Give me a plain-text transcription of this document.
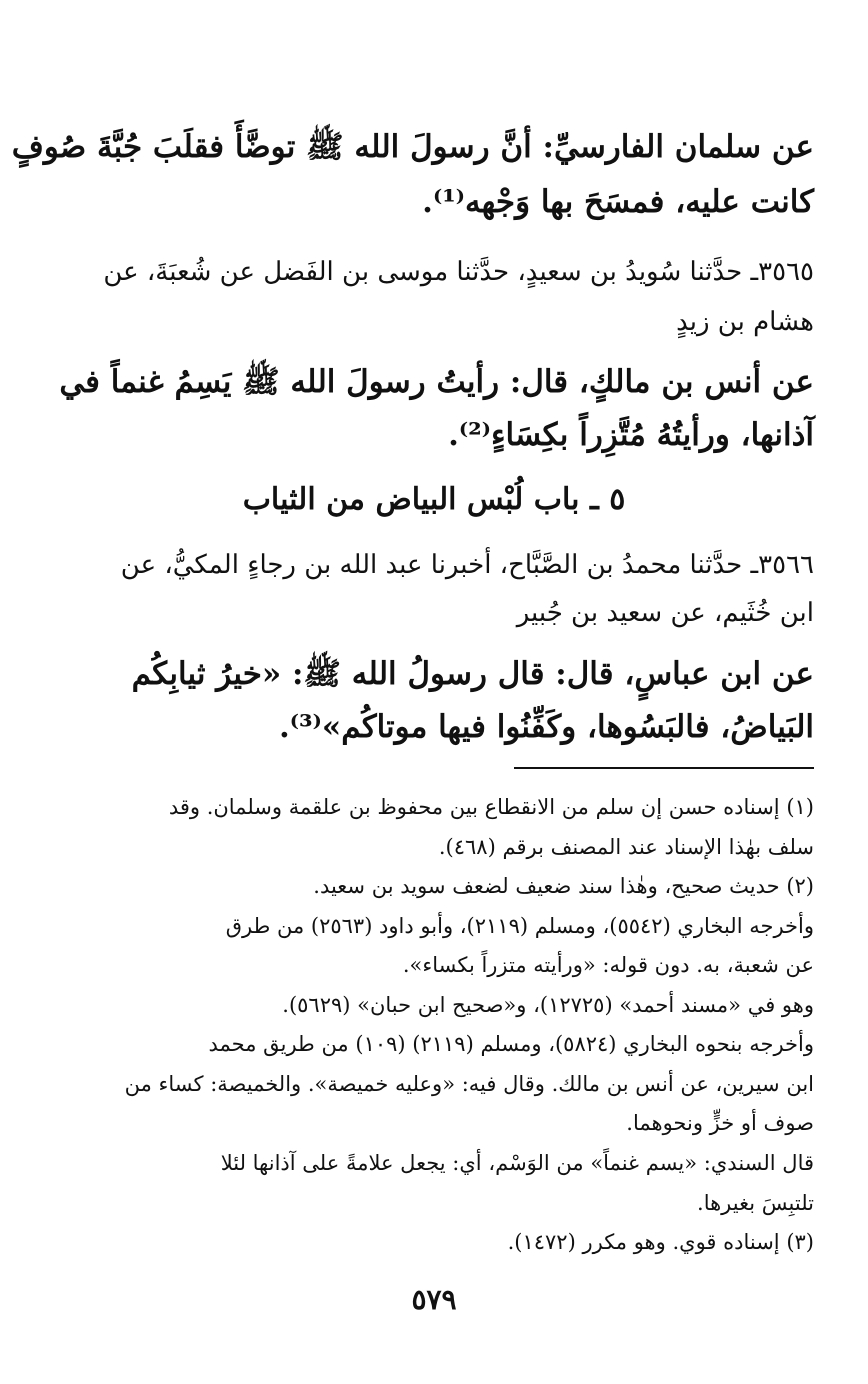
عن سلمان الفارسيِّ: أنَّ رسولَ الله ﷺ توضَّأَ فقلَبَ جُبَّةَ صُوفٍ
كانت عليه، فمسَحَ بها وَجْهه⁽¹⁾.
٣٥٦٥ـ حدَّثنا سُويدُ بن سعيدٍ، حدَّثنا موسى بن الفَضل عن شُعبَةَ، عن
هشام بن زيدٍ
عن أنس بن مالكٍ، قال: رأيتُ رسولَ الله ﷺ يَسِمُ غنماً في
آذانها، ورأيتُهُ مُتَّزِراً بكِسَاءٍ⁽²⁾.
٥ ـ باب لُبْس البياض من الثياب
٣٥٦٦ـ حدَّثنا محمدُ بن الصَّبَّاح، أخبرنا عبد الله بن رجاءٍ المكيُّ، عن
ابن خُثَيم، عن سعيد بن جُبير
عن ابن عباسٍ، قال: قال رسولُ الله ﷺ: «خيرُ ثيابِكُم
البَياضُ، فالبَسُوها، وكَفِّنُوا فيها موتاكُم»⁽³⁾.
(١) إسناده حسن إن سلم من الانقطاع بين محفوظ بن علقمة وسلمان. وقد
سلف بهٰذا الإسناد عند المصنف برقم (٤٦٨).
(٢) حديث صحيح، وهٰذا سند ضعيف لضعف سويد بن سعيد.
وأخرجه البخاري (٥٥٤٢)، ومسلم (٢١١٩)، وأبو داود (٢٥٦٣) من طرق
عن شعبة، به. دون قوله: «ورأيته متزراً بكساء».
وهو في «مسند أحمد» (١٢٧٢٥)، و«صحيح ابن حبان» (٥٦٢٩).
وأخرجه بنحوه البخاري (٥٨٢٤)، ومسلم (٢١١٩) (١٠٩) من طريق محمد
ابن سيرين، عن أنس بن مالك. وقال فيه: «وعليه خميصة». والخميصة: كساء من
صوف أو خزٍّ ونحوهما.
قال السندي: «يسم غنماً» من الوَسْم، أي: يجعل علامةً على آذانها لئلا
تلتبِسَ بغيرها.
(٣) إسناده قوي. وهو مكرر (١٤٧٢).
٥٧٩
